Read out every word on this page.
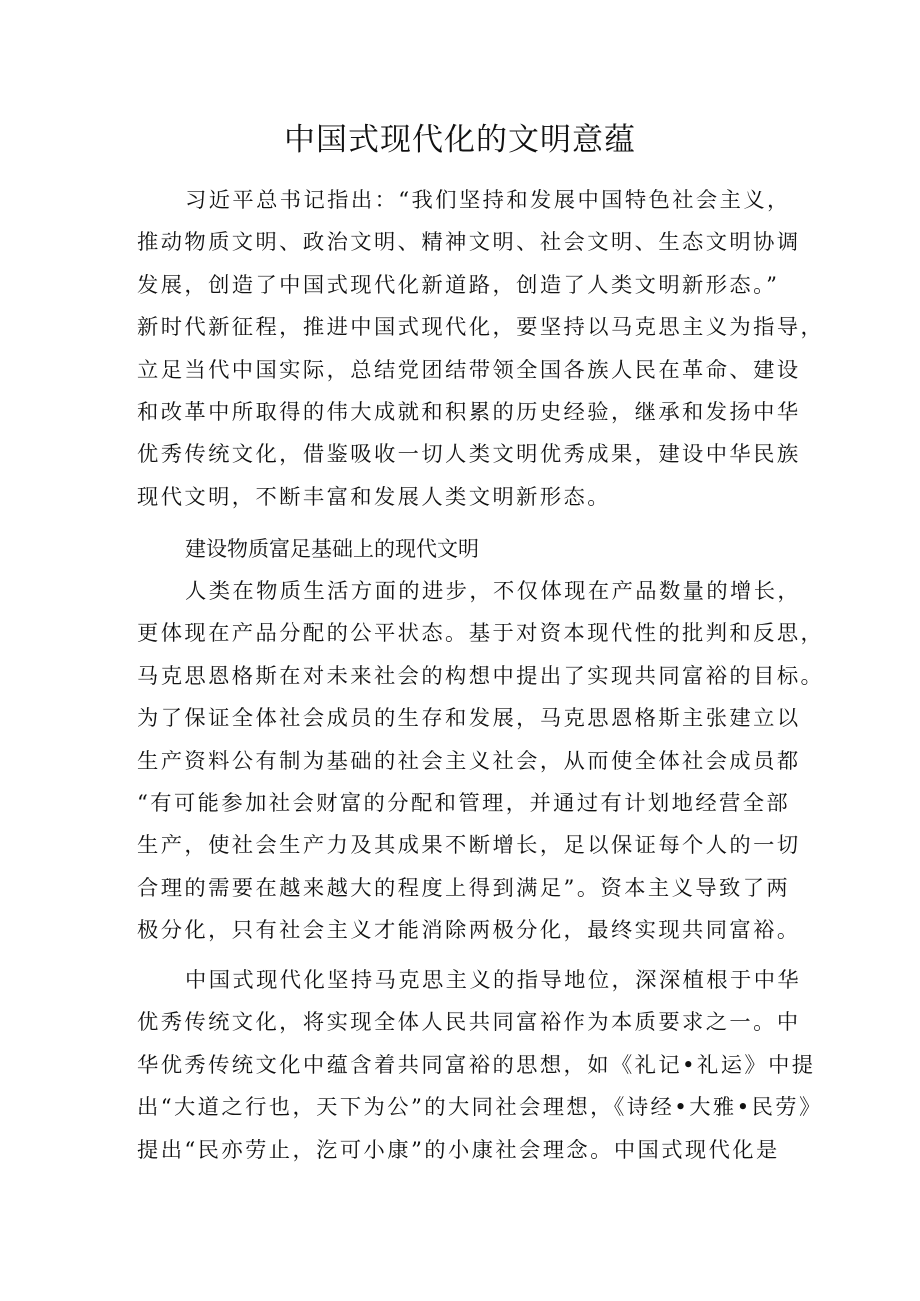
中国式现代化的文明意蕴
习近平总书记指出：“我们坚持和发展中国特色社会主义，
推动物质文明、政治文明、精神文明、社会文明、生态文明协调
发展，创造了中国式现代化新道路，创造了人类文明新形态。”
新时代新征程，推进中国式现代化，要坚持以马克思主义为指导，
立足当代中国实际，总结党团结带领全国各族人民在革命、建设
和改革中所取得的伟大成就和积累的历史经验，继承和发扬中华
优秀传统文化，借鉴吸收一切人类文明优秀成果，建设中华民族
现代文明，不断丰富和发展人类文明新形态。
建设物质富足基础上的现代文明
人类在物质生活方面的进步，不仅体现在产品数量的增长，
更体现在产品分配的公平状态。基于对资本现代性的批判和反思，
马克思恩格斯在对未来社会的构想中提出了实现共同富裕的目标。
为了保证全体社会成员的生存和发展，马克思恩格斯主张建立以
生产资料公有制为基础的社会主义社会，从而使全体社会成员都
“有可能参加社会财富的分配和管理，并通过有计划地经营全部
生产，使社会生产力及其成果不断增长，足以保证每个人的一切
合理的需要在越来越大的程度上得到满足”。资本主义导致了两
极分化，只有社会主义才能消除两极分化，最终实现共同富裕。
中国式现代化坚持马克思主义的指导地位，深深植根于中华
优秀传统文化，将实现全体人民共同富裕作为本质要求之一。中
华优秀传统文化中蕴含着共同富裕的思想，如《礼记•礼运》中提
出“大道之行也，天下为公”的大同社会理想，《诗经•大雅•民劳》
提出“民亦劳止，汔可小康”的小康社会理念。中国式现代化是
